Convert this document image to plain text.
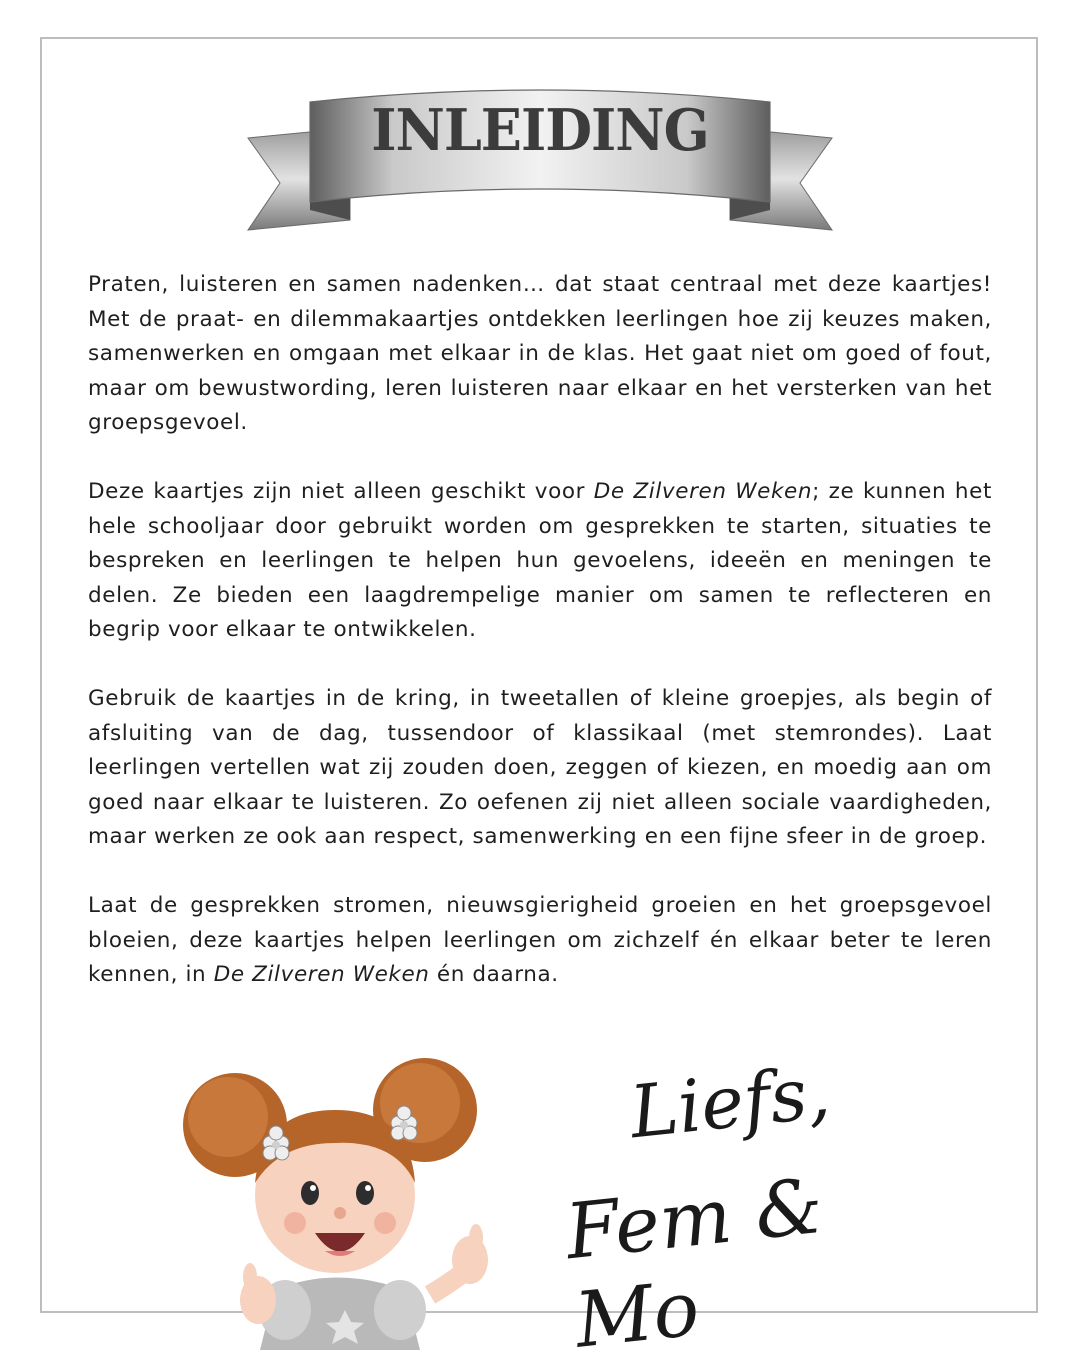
INLEIDING

Praten, luisteren en samen nadenken… dat staat centraal met deze kaartjes! Met de praat- en dilemmakaartjes ontdekken leerlingen hoe zij keuzes maken, samenwerken en omgaan met elkaar in de klas. Het gaat niet om goed of fout, maar om bewustwording, leren luisteren naar elkaar en het versterken van het groepsgevoel.

Deze kaartjes zijn niet alleen geschikt voor De Zilveren Weken; ze kunnen het hele schooljaar door gebruikt worden om gesprekken te starten, situaties te bespreken en leerlingen te helpen hun gevoelens, ideeën en meningen te delen. Ze bieden een laagdrempelige manier om samen te reflecteren en begrip voor elkaar te ontwikkelen.

Gebruik de kaartjes in de kring, in tweetallen of kleine groepjes, als begin of afsluiting van de dag, tussendoor of klassikaal (met stemrondes). Laat leerlingen vertellen wat zij zouden doen, zeggen of kiezen, en moedig aan om goed naar elkaar te luisteren. Zo oefenen zij niet alleen sociale vaardigheden, maar werken ze ook aan respect, samenwerking en een fijne sfeer in de groep.

Laat de gesprekken stromen, nieuwsgierigheid groeien en het groepsgevoel bloeien, deze kaartjes helpen leerlingen om zichzelf én elkaar beter te leren kennen, in De Zilveren Weken én daarna.

Liefs,
Fem & Mo
